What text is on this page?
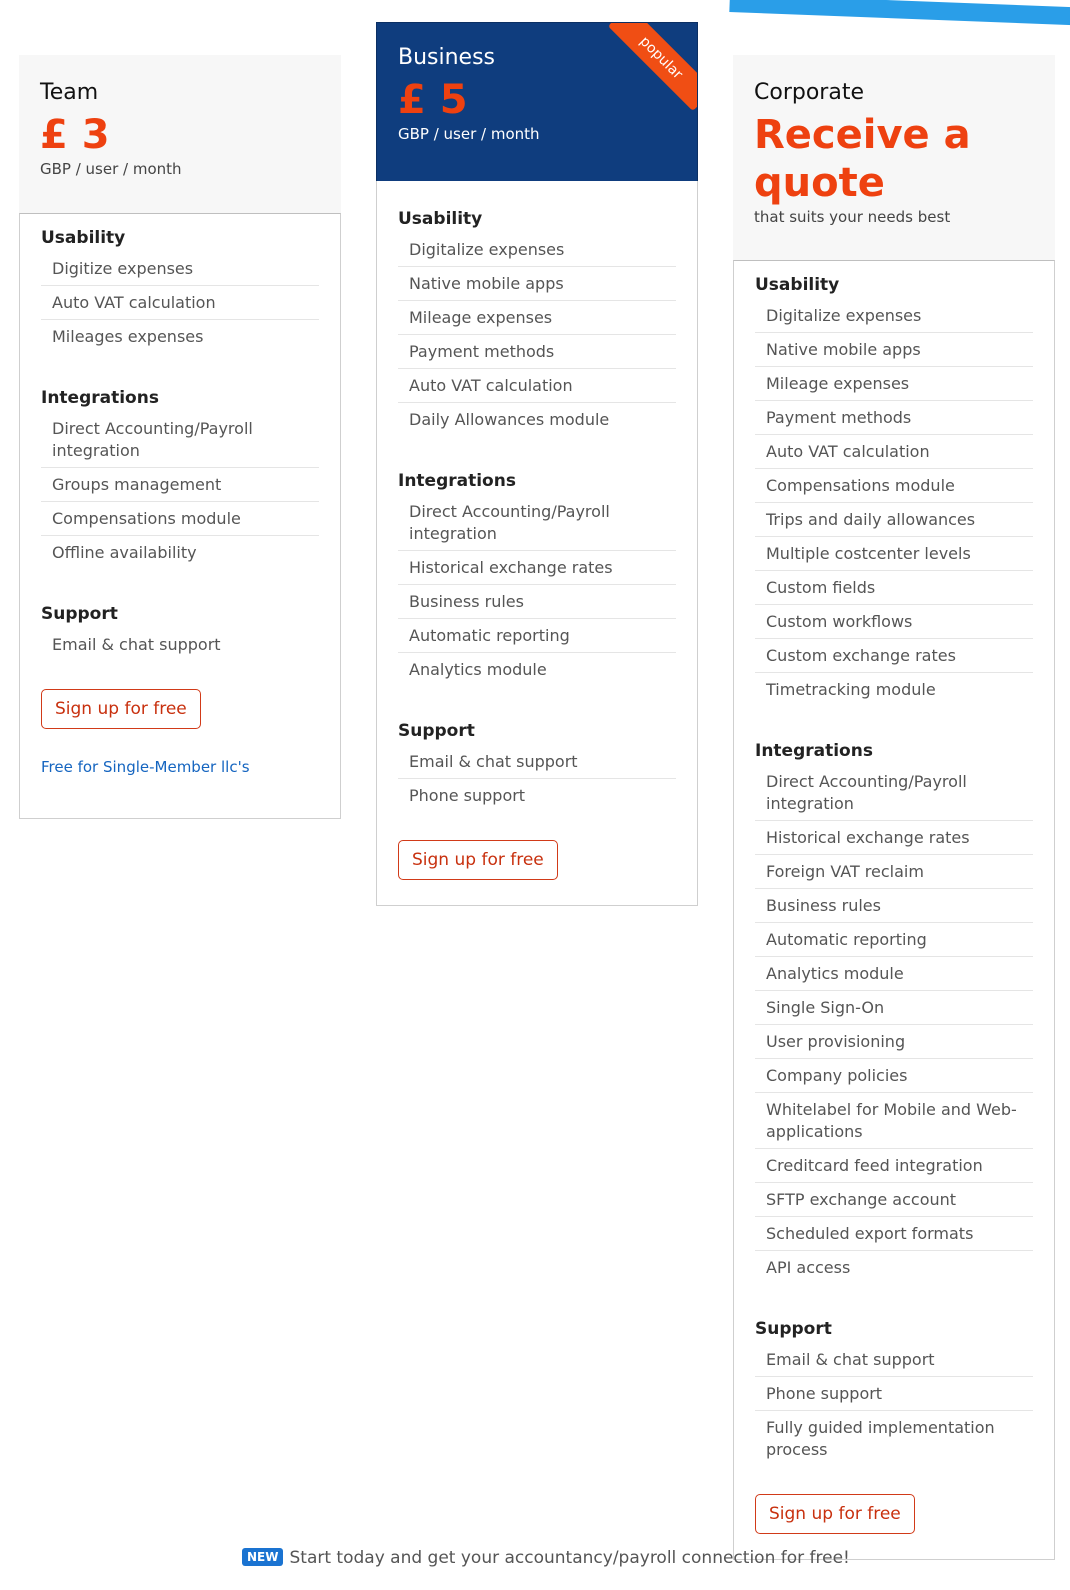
Team
£ 3
GBP / user / month
Usability
Digitize expenses
Auto VAT calculation
Mileages expenses
Integrations
Direct Accounting/Payroll integration
Groups management
Compensations module
Offline availability
Support
Email & chat support
Sign up for free
Free for Single-Member llc's
popular
Business
£ 5
GBP / user / month
Usability
Digitalize expenses
Native mobile apps
Mileage expenses
Payment methods
Auto VAT calculation
Daily Allowances module
Integrations
Direct Accounting/Payroll integration
Historical exchange rates
Business rules
Automatic reporting
Analytics module
Support
Email & chat support
Phone support
Sign up for free
Corporate
Receive a quote
that suits your needs best
Usability
Digitalize expenses
Native mobile apps
Mileage expenses
Payment methods
Auto VAT calculation
Compensations module
Trips and daily allowances
Multiple costcenter levels
Custom fields
Custom workflows
Custom exchange rates
Timetracking module
Integrations
Direct Accounting/Payroll integration
Historical exchange rates
Foreign VAT reclaim
Business rules
Automatic reporting
Analytics module
Single Sign-On
User provisioning
Company policies
Whitelabel for Mobile and Web-applications
Creditcard feed integration
SFTP exchange account
Scheduled export formats
API access
Support
Email & chat support
Phone support
Fully guided implementation process
Sign up for free
NEW Start today and get your accountancy/payroll connection for free!
